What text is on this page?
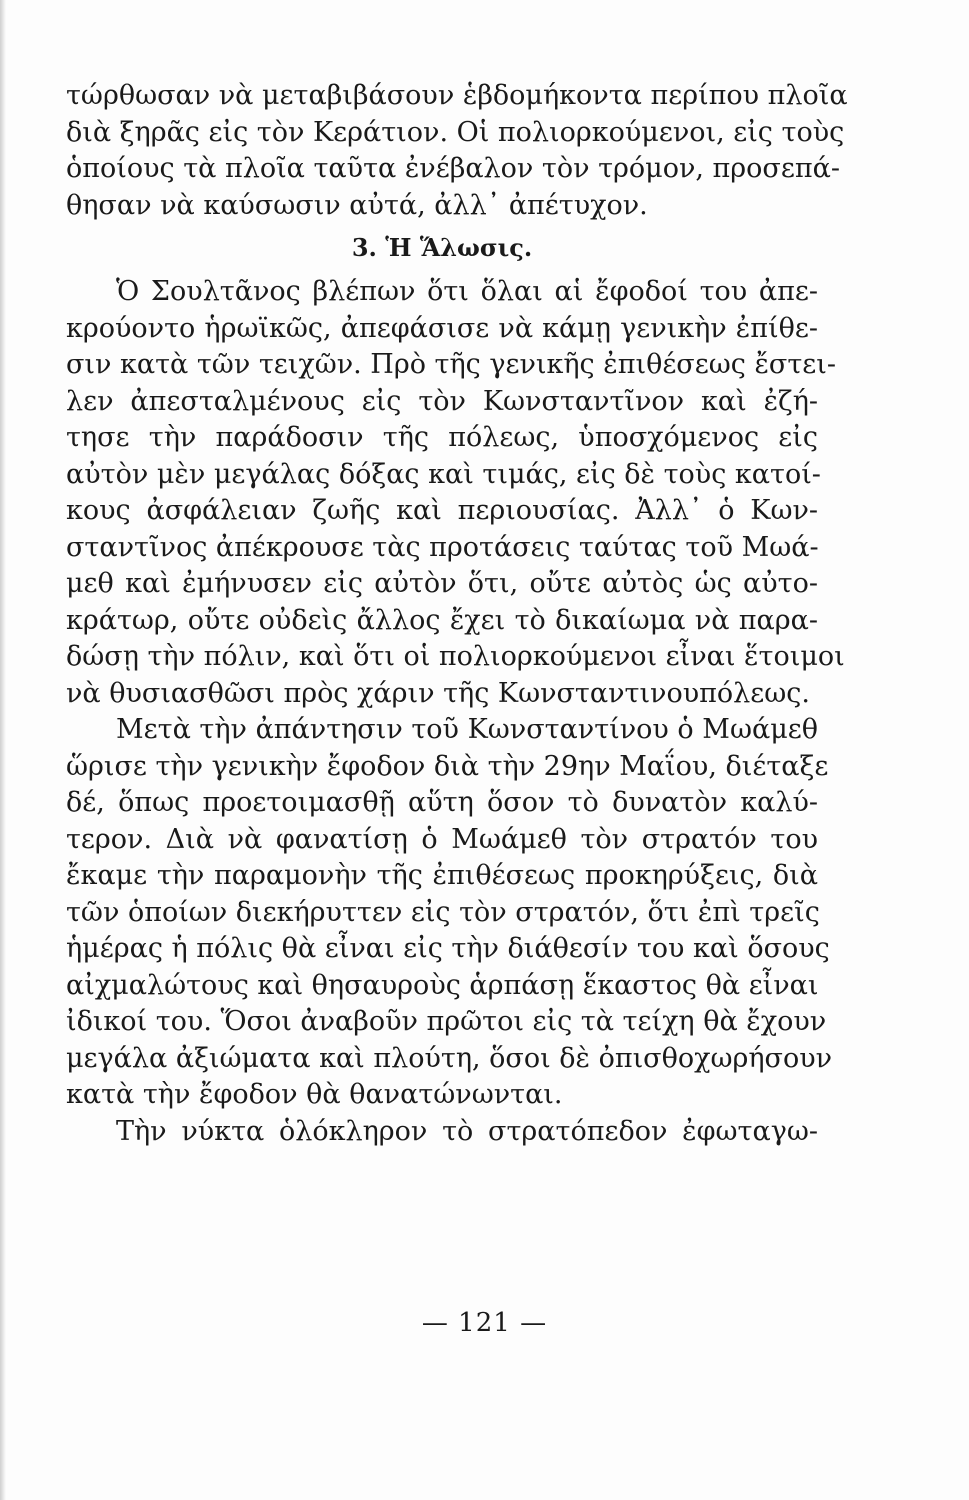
τώρθωσαν νὰ μεταβιβάσουν ἑβδομήκοντα περίπου πλοῖα
διὰ ξηρᾶς εἰς τὸν Κεράτιον. Οἱ πολιορκούμενοι, εἰς τοὺς
ὁποίους τὰ πλοῖα ταῦτα ἐνέβαλον τὸν τρόμον, προσεπά-
θησαν νὰ καύσωσιν αὐτά, ἀλλ᾽ ἀπέτυχον.
3. Ἡ Ἅλωσις.
Ὁ Σουλτᾶνος βλέπων ὅτι ὅλαι αἱ ἔφοδοί του ἀπε-
κρούοντο ἡρωϊκῶς, ἀπεφάσισε νὰ κάμῃ γενικὴν ἐπίθε-
σιν κατὰ τῶν τειχῶν. Πρὸ τῆς γενικῆς ἐπιθέσεως ἔστει-
λεν ἀπεσταλμένους εἰς τὸν Κωνσταντῖνον καὶ ἐζή-
τησε τὴν παράδοσιν τῆς πόλεως, ὑποσχόμενος εἰς
αὐτὸν μὲν μεγάλας δόξας καὶ τιμάς, εἰς δὲ τοὺς κατοί-
κους ἀσφάλειαν ζωῆς καὶ περιουσίας. Ἀλλ᾽ ὁ Κων-
σταντῖνος ἀπέκρουσε τὰς προτάσεις ταύτας τοῦ Μωά-
μεθ καὶ ἐμήνυσεν εἰς αὐτὸν ὅτι, οὔτε αὐτὸς ὡς αὐτο-
κράτωρ, οὔτε οὐδεὶς ἄλλος ἔχει τὸ δικαίωμα νὰ παρα-
δώσῃ τὴν πόλιν, καὶ ὅτι οἱ πολιορκούμενοι εἶναι ἕτοιμοι
νὰ θυσιασθῶσι πρὸς χάριν τῆς Κωνσταντινουπόλεως.
Μετὰ τὴν ἀπάντησιν τοῦ Κωνσταντίνου ὁ Μωάμεθ
ὥρισε τὴν γενικὴν ἔφοδον διὰ τὴν 29ην Μαΐου, διέταξε
δέ, ὅπως προετοιμασθῇ αὕτη ὅσον τὸ δυνατὸν καλύ-
τερον. Διὰ νὰ φανατίσῃ ὁ Μωάμεθ τὸν στρατόν του
ἔκαμε τὴν παραμονὴν τῆς ἐπιθέσεως προκηρύξεις, διὰ
τῶν ὁποίων διεκήρυττεν εἰς τὸν στρατόν, ὅτι ἐπὶ τρεῖς
ἡμέρας ἡ πόλις θὰ εἶναι εἰς τὴν διάθεσίν του καὶ ὅσους
αἰχμαλώτους καὶ θησαυροὺς ἁρπάσῃ ἕκαστος θὰ εἶναι
ἰδικοί του. Ὅσοι ἀναβοῦν πρῶτοι εἰς τὰ τείχη θὰ ἔχουν
μεγάλα ἀξιώματα καὶ πλούτη, ὅσοι δὲ ὀπισθοχωρήσουν
κατὰ τὴν ἔφοδον θὰ θανατώνωνται.
Τὴν νύκτα ὁλόκληρον τὸ στρατόπεδον ἐφωταγω-
— 121 —
